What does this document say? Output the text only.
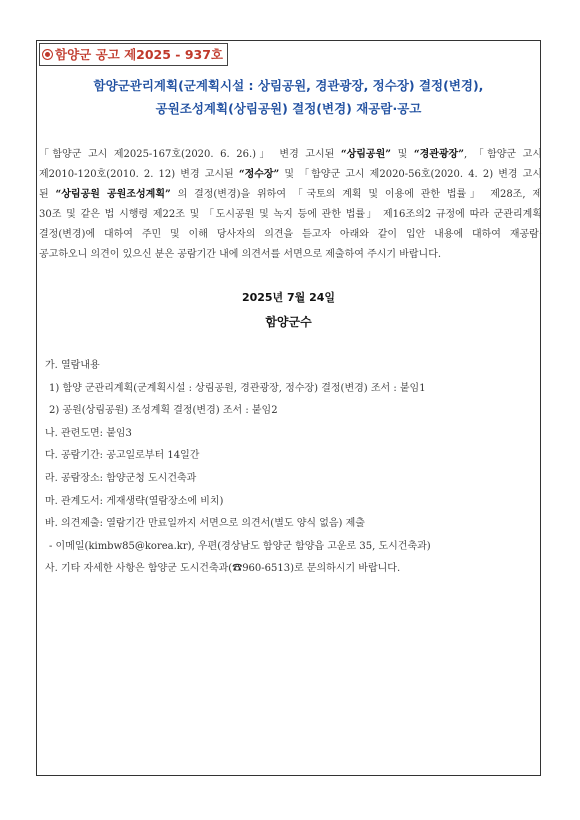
함양군 공고 제2025 - 937호
함양군관리계획(군계획시설 : 상림공원, 경관광장, 정수장) 결정(변경),
공원조성계획(상림공원) 결정(변경) 재공람·공고
「함양군 고시 제2025-167호(2020. 6. 26.)」 변경 고시된 “상림공원” 및 “경관광장”, 「함양군 고시
제2010-120호(2010. 2. 12) 변경 고시된 “정수장” 및 「함양군 고시 제2020-56호(2020. 4. 2) 변경 고시
된 “상림공원 공원조성계획” 의 결정(변경)을 위하여 「국토의 계획 및 이용에 관한 법률」 제28조, 제
30조 및 같은 법 시행령 제22조 및 「도시공원 및 녹지 등에 관한 법률」 제16조의2 규정에 따라 군관리계획
결정(변경)에 대하여 주민 및 이해 당사자의 의견을 듣고자 아래와 같이 입안 내용에 대하여 재공람·
공고하오니 의견이 있으신 분은 공람기간 내에 의견서를 서면으로 제출하여 주시기 바랍니다.
2025년 7월 24일
함양군수
가. 열람내용
1) 함양 군관리계획(군계획시설 : 상림공원, 경관광장, 정수장) 결정(변경) 조서 : 붙임1
2) 공원(상림공원) 조성계획 결정(변경) 조서 : 붙임2
나. 관련도면: 붙임3
다. 공람기간: 공고일로부터 14일간
라. 공람장소: 함양군청 도시건축과
마. 관계도서: 게재생략(열람장소에 비치)
바. 의견제출: 열람기간 만료일까지 서면으로 의견서(별도 양식 없음) 제출
- 이메일(kimbw85@korea.kr), 우편(경상남도 함양군 함양읍 고운로 35, 도시건축과)
사. 기타 자세한 사항은 함양군 도시건축과(☎960-6513)로 문의하시기 바랍니다.
